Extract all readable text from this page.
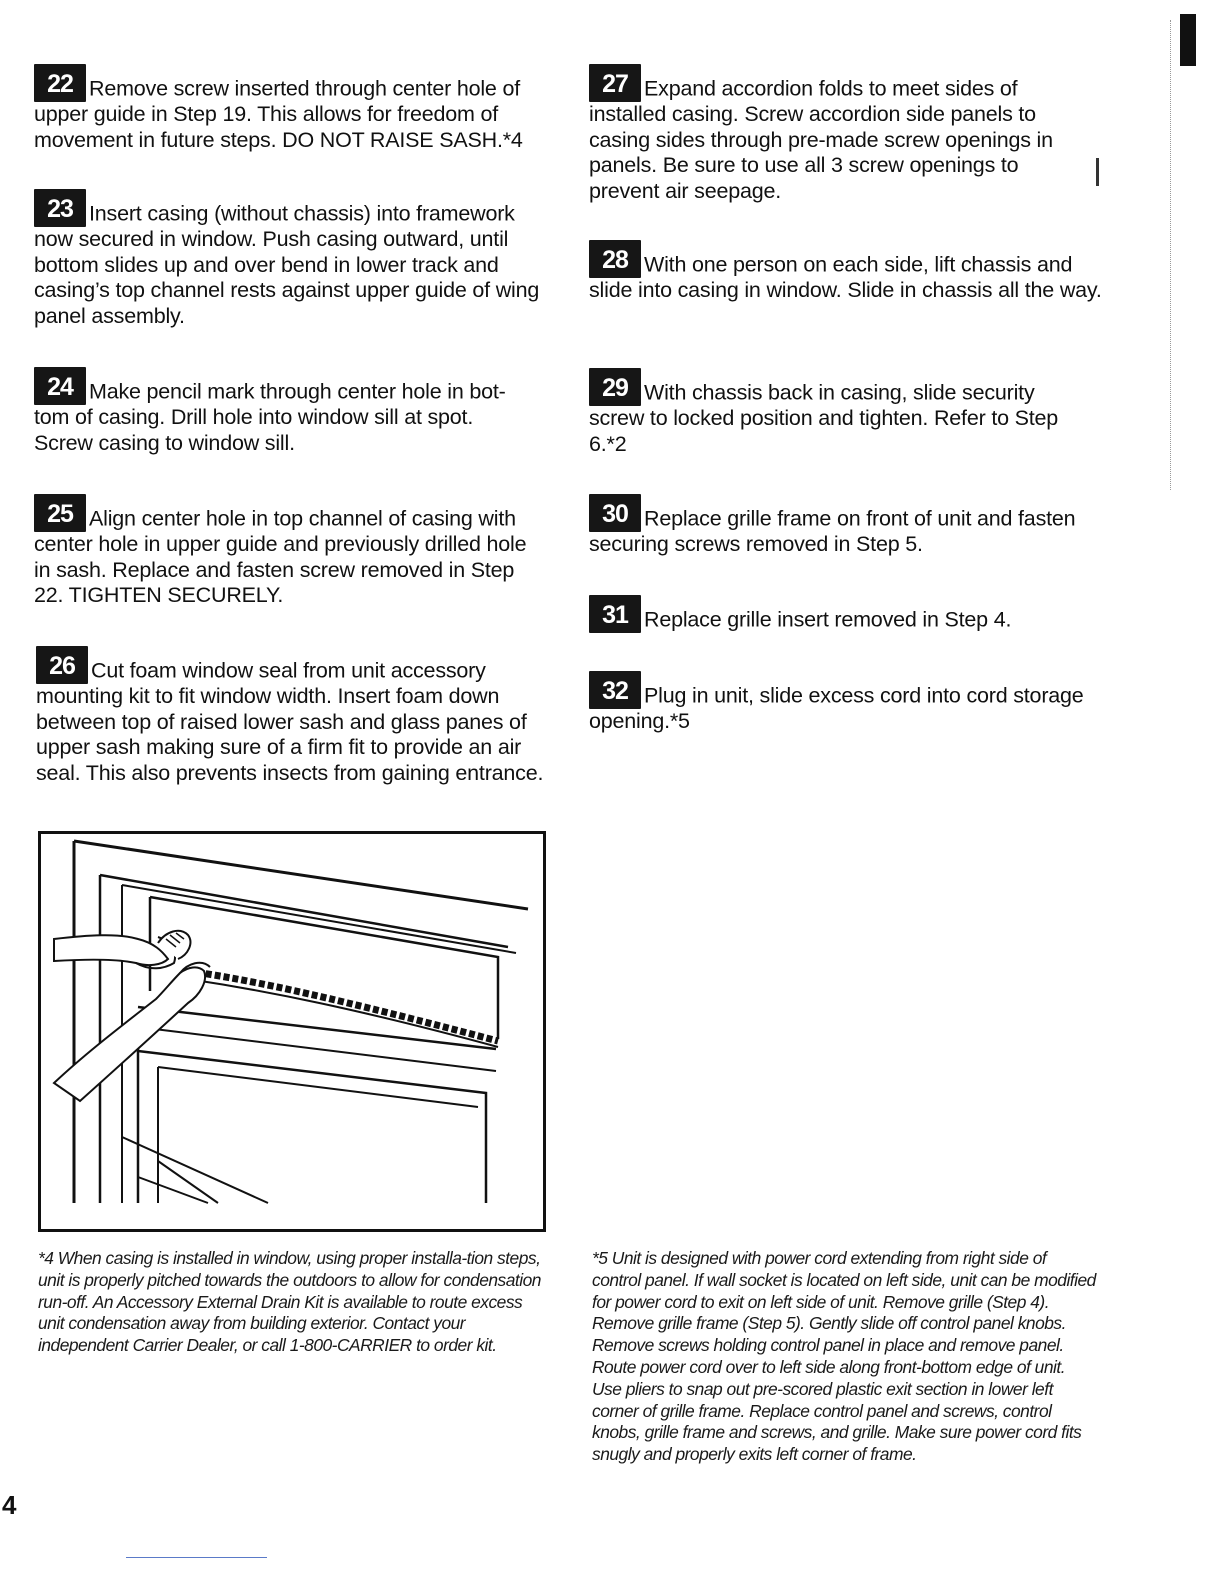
22 Remove screw inserted through center hole of upper guide in Step 19. This allows for freedom of movement in future steps. DO NOT RAISE SASH.*4
23 Insert casing (without chassis) into framework now secured in window. Push casing outward, until bottom slides up and over bend in lower track and casing’s top channel rests against upper guide of wing panel assembly.
24 Make pencil mark through center hole in bot-tom of casing. Drill hole into window sill at spot. Screw casing to window sill.
25 Align center hole in top channel of casing with center hole in upper guide and previously drilled hole in sash. Replace and fasten screw removed in Step 22. TIGHTEN SECURELY.
26 Cut foam window seal from unit accessory mounting kit to fit window width. Insert foam down between top of raised lower sash and glass panes of upper sash making sure of a firm fit to provide an air seal. This also prevents insects from gaining entrance.
27 Expand accordion folds to meet sides of installed casing. Screw accordion side panels to casing sides through pre-made screw openings in panels. Be sure to use all 3 screw openings to prevent air seepage.
28 With one person on each side, lift chassis and slide into casing in window. Slide in chassis all the way.
29 With chassis back in casing, slide security screw to locked position and tighten. Refer to Step 6.*2
30 Replace grille frame on front of unit and fasten securing screws removed in Step 5.
31 Replace grille insert removed in Step 4.
32 Plug in unit, slide excess cord into cord storage opening.*5
*4 When casing is installed in window, using proper installa-tion steps, unit is properly pitched towards the outdoors to allow for condensation run-off. An Accessory External Drain Kit is available to route excess unit condensation away from building exterior. Contact your independent Carrier Dealer, or call 1-800-CARRIER to order kit.
*5 Unit is designed with power cord extending from right side of control panel. If wall socket is located on left side, unit can be modified for power cord to exit on left side of unit. Remove grille (Step 4). Remove grille frame (Step 5). Gently slide off control panel knobs. Remove screws holding control panel in place and remove panel. Route power cord over to left side along front-bottom edge of unit. Use pliers to snap out pre-scored plastic exit section in lower left corner of grille frame. Replace control panel and screws, control knobs, grille frame and screws, and grille. Make sure power cord fits snugly and properly exits left corner of frame.
4
